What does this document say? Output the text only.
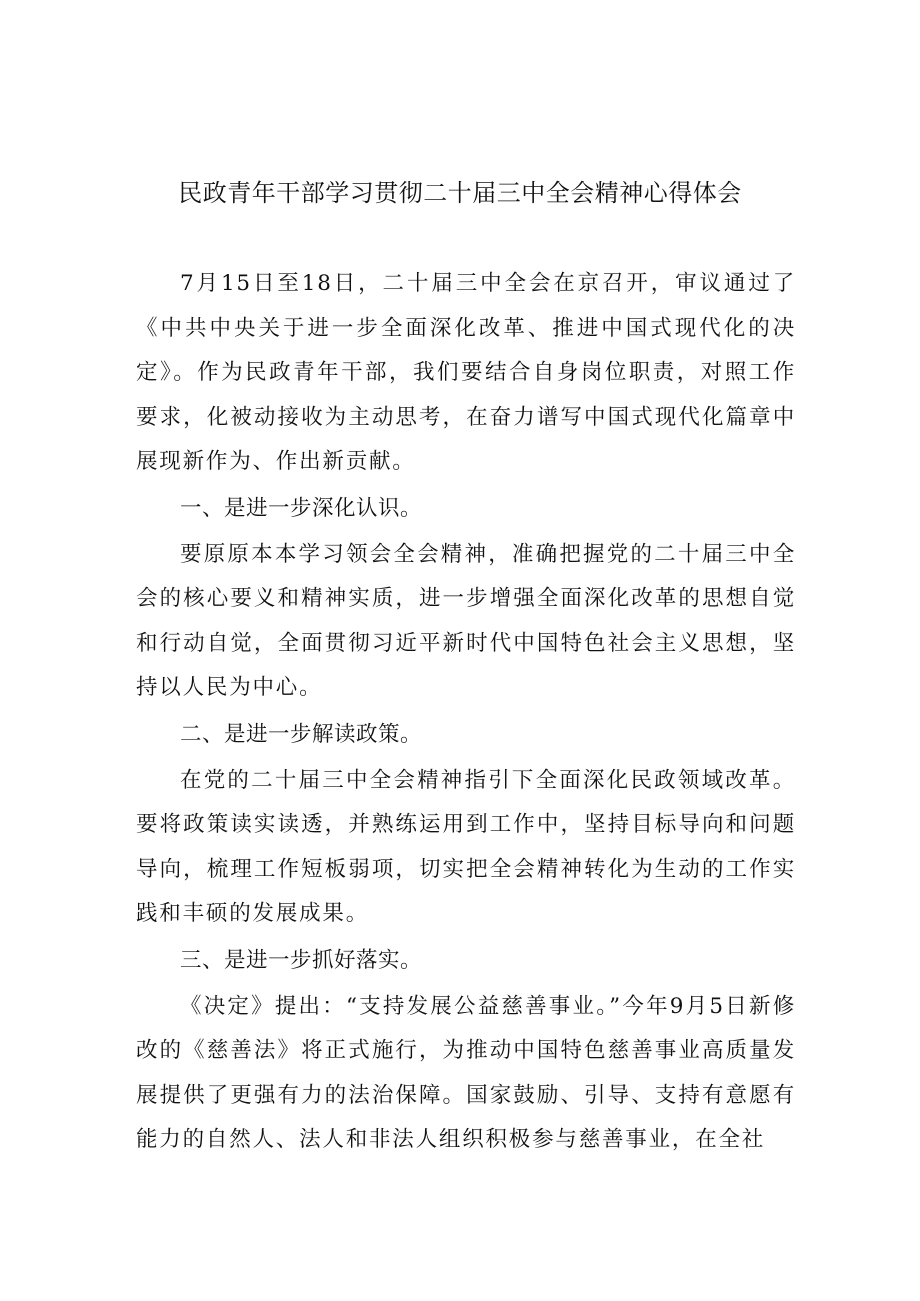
民政青年干部学习贯彻二十届三中全会精神心得体会

7月15日至18日，二十届三中全会在京召开，审议通过了《中共中央关于进一步全面深化改革、推进中国式现代化的决定》。作为民政青年干部，我们要结合自身岗位职责，对照工作要求，化被动接收为主动思考，在奋力谱写中国式现代化篇章中展现新作为、作出新贡献。

一、是进一步深化认识。

要原原本本学习领会全会精神，准确把握党的二十届三中全会的核心要义和精神实质，进一步增强全面深化改革的思想自觉和行动自觉，全面贯彻习近平新时代中国特色社会主义思想，坚持以人民为中心。

二、是进一步解读政策。

在党的二十届三中全会精神指引下全面深化民政领域改革。要将政策读实读透，并熟练运用到工作中，坚持目标导向和问题导向，梳理工作短板弱项，切实把全会精神转化为生动的工作实践和丰硕的发展成果。

三、是进一步抓好落实。

《决定》提出：“支持发展公益慈善事业。”今年9月5日新修改的《慈善法》将正式施行，为推动中国特色慈善事业高质量发展提供了更强有力的法治保障。国家鼓励、引导、支持有意愿有能力的自然人、法人和非法人组织积极参与慈善事业，在全社
